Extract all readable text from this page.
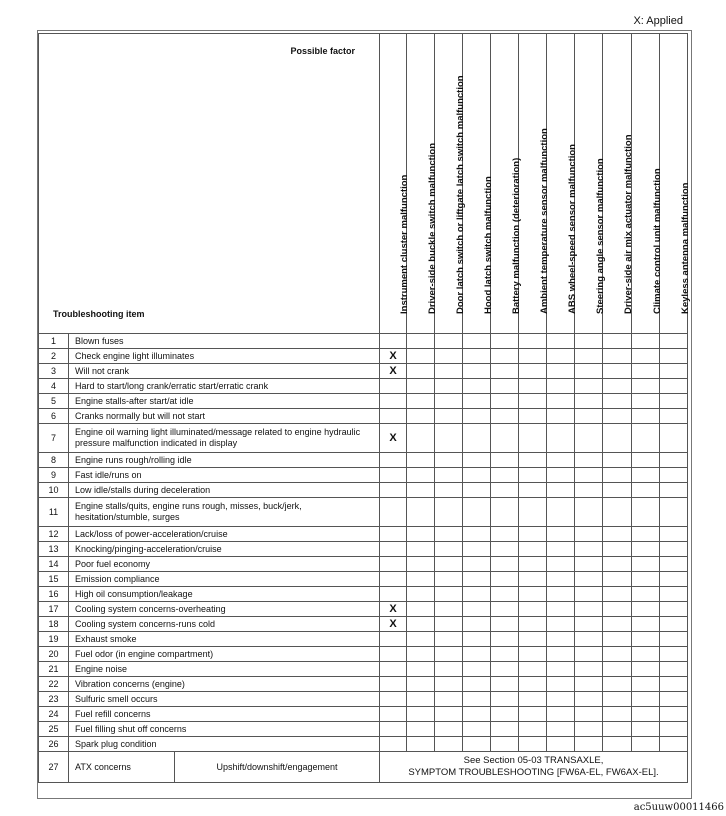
X: Applied
Possible factor
Troubleshooting item			Instrument cluster malfunction	Driver-side buckle switch malfunction	Door latch switch or liftgate latch switch malfunction	Hood latch switch malfunction	Battery malfunction (deterioration)	Ambient temperature sensor malfunction	ABS wheel-speed sensor malfunction	Steering angle sensor malfunction	Driver-side air mix actuator malfunction	Climate control unit malfunction	Keyless antenna malfunction

1	Blown fuses												
2	Check engine light illuminates		X										
3	Will not crank		X										
4	Hard to start/long crank/erratic start/erratic crank												
5	Engine stalls-after start/at idle												
6	Cranks normally but will not start												
7	Engine oil warning light illuminated/message related to engine hydraulic pressure malfunction indicated in display		X										
8	Engine runs rough/rolling idle												
9	Fast idle/runs on												
10	Low idle/stalls during deceleration												
11	Engine stalls/quits, engine runs rough, misses, buck/jerk, hesitation/stumble, surges												
12	Lack/loss of power-acceleration/cruise												
13	Knocking/pinging-acceleration/cruise												
14	Poor fuel economy												
15	Emission compliance												
16	High oil consumption/leakage												
17	Cooling system concerns-overheating		X										
18	Cooling system concerns-runs cold		X										
19	Exhaust smoke												
20	Fuel odor (in engine compartment)												
21	Engine noise												
22	Vibration concerns (engine)												
23	Sulfuric smell occurs												
24	Fuel refill concerns												
25	Fuel filling shut off concerns												
26	Spark plug condition												
27	ATX concerns	Upshift/downshift/engagement	See Section 05-03 TRANSAXLE,
SYMPTOM TROUBLESHOOTING [FW6A-EL, FW6AX-EL].										
ac5uuw00011466
